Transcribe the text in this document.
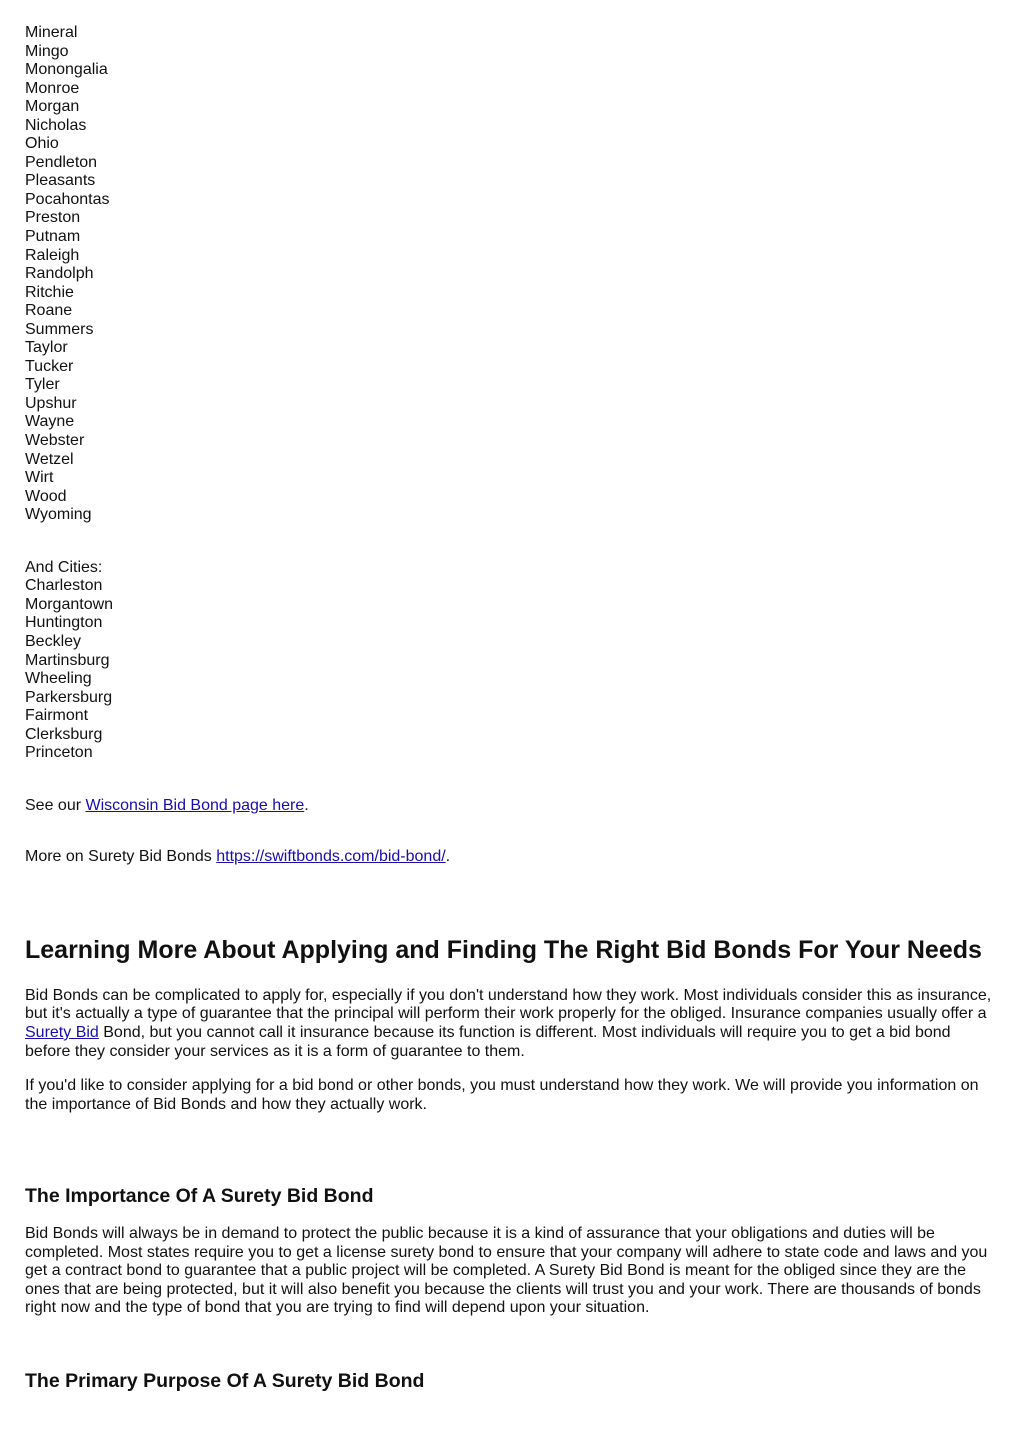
Mineral
Mingo
Monongalia
Monroe
Morgan
Nicholas
Ohio
Pendleton
Pleasants
Pocahontas
Preston
Putnam
Raleigh
Randolph
Ritchie
Roane
Summers
Taylor
Tucker
Tyler
Upshur
Wayne
Webster
Wetzel
Wirt
Wood
Wyoming
And Cities:
Charleston
Morgantown
Huntington
Beckley
Martinsburg
Wheeling
Parkersburg
Fairmont
Clerksburg
Princeton

See our Wisconsin Bid Bond page here.

More on Surety Bid Bonds https://swiftbonds.com/bid-bond/.

Learning More About Applying and Finding The Right Bid Bonds For Your Needs

Bid Bonds can be complicated to apply for, especially if you don't understand how they work. Most individuals consider this as insurance, but it's actually a type of guarantee that the principal will perform their work properly for the obliged. Insurance companies usually offer a Surety Bid Bond, but you cannot call it insurance because its function is different. Most individuals will require you to get a bid bond before they consider your services as it is a form of guarantee to them.

If you'd like to consider applying for a bid bond or other bonds, you must understand how they work. We will provide you information on the importance of Bid Bonds and how they actually work.

The Importance Of A Surety Bid Bond

Bid Bonds will always be in demand to protect the public because it is a kind of assurance that your obligations and duties will be completed. Most states require you to get a license surety bond to ensure that your company will adhere to state code and laws and you get a contract bond to guarantee that a public project will be completed. A Surety Bid Bond is meant for the obliged since they are the ones that are being protected, but it will also benefit you because the clients will trust you and your work. There are thousands of bonds right now and the type of bond that you are trying to find will depend upon your situation.

The Primary Purpose Of A Surety Bid Bond
